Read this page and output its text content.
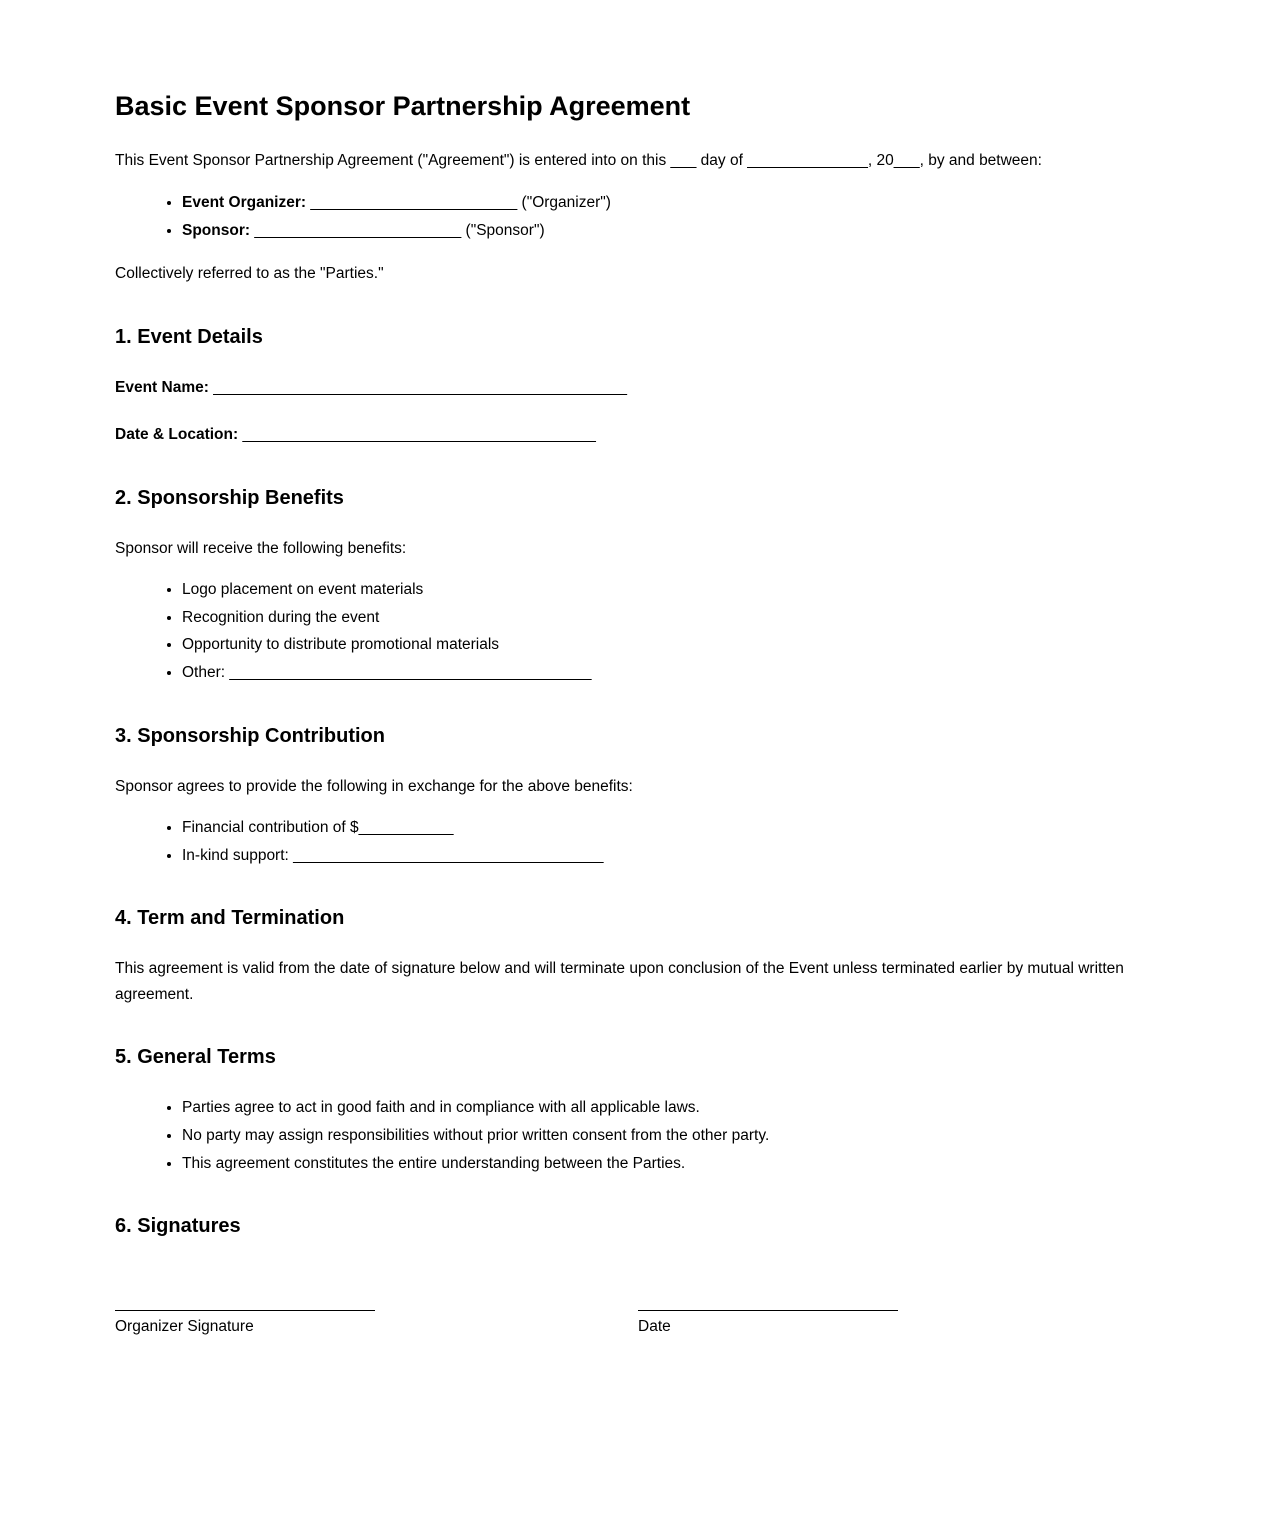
Basic Event Sponsor Partnership Agreement

This Event Sponsor Partnership Agreement ("Agreement") is entered into on this ___ day of ______________, 20___, by and between:

• Event Organizer: ________________________ ("Organizer")
• Sponsor: ________________________ ("Sponsor")

Collectively referred to as the "Parties."

1. Event Details

Event Name: ________________________________________________

Date & Location: _________________________________________

2. Sponsorship Benefits

Sponsor will receive the following benefits:

• Logo placement on event materials
• Recognition during the event
• Opportunity to distribute promotional materials
• Other: __________________________________________
3. Sponsorship Contribution

Sponsor agrees to provide the following in exchange for the above benefits:

• Financial contribution of $___________
• In-kind support: ____________________________________
4. Term and Termination

This agreement is valid from the date of signature below and will terminate upon conclusion of the Event unless terminated earlier by mutual written agreement.

5. General Terms
• Parties agree to act in good faith and in compliance with all applicable laws.
• No party may assign responsibilities without prior written consent from the other party.
• This agreement constitutes the entire understanding between the Parties.
6. Signatures
Organizer Signature	Date
